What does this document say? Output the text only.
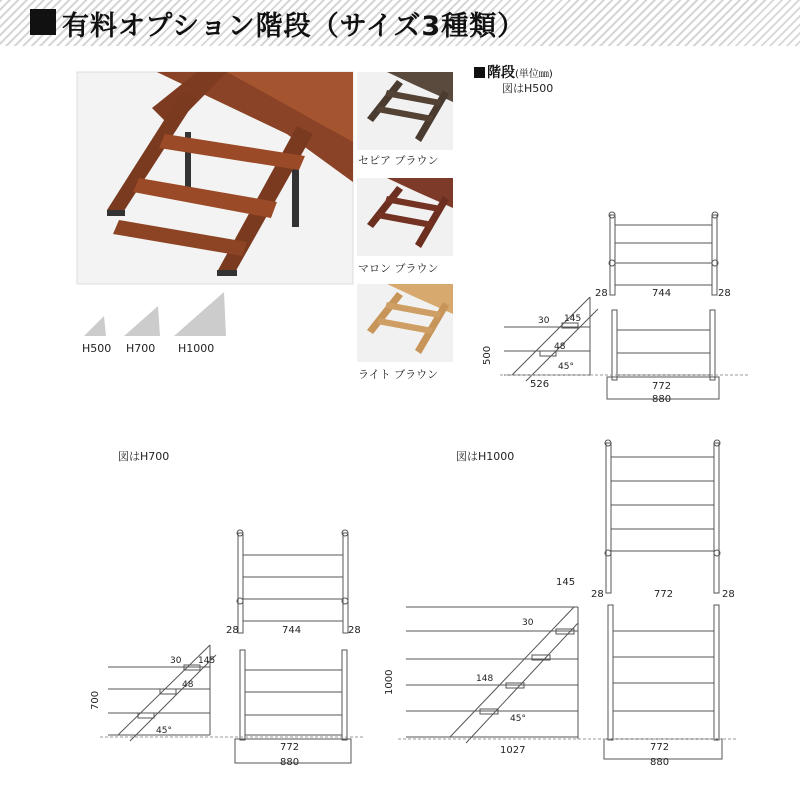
有料オプション階段（サイズ3種類）
H500 H700 H1000
セピア ブラウン
マロン ブラウン
ライト ブラウン
階段(単位㎜)
図はH500
28	744	28
500
30 145
48
45°
526	772
880
図はH700
28	744	28
700
30 145
48
45°
772
880
図はH1000
28	772	28
1000
145
30
148
45°
1027	772
880
